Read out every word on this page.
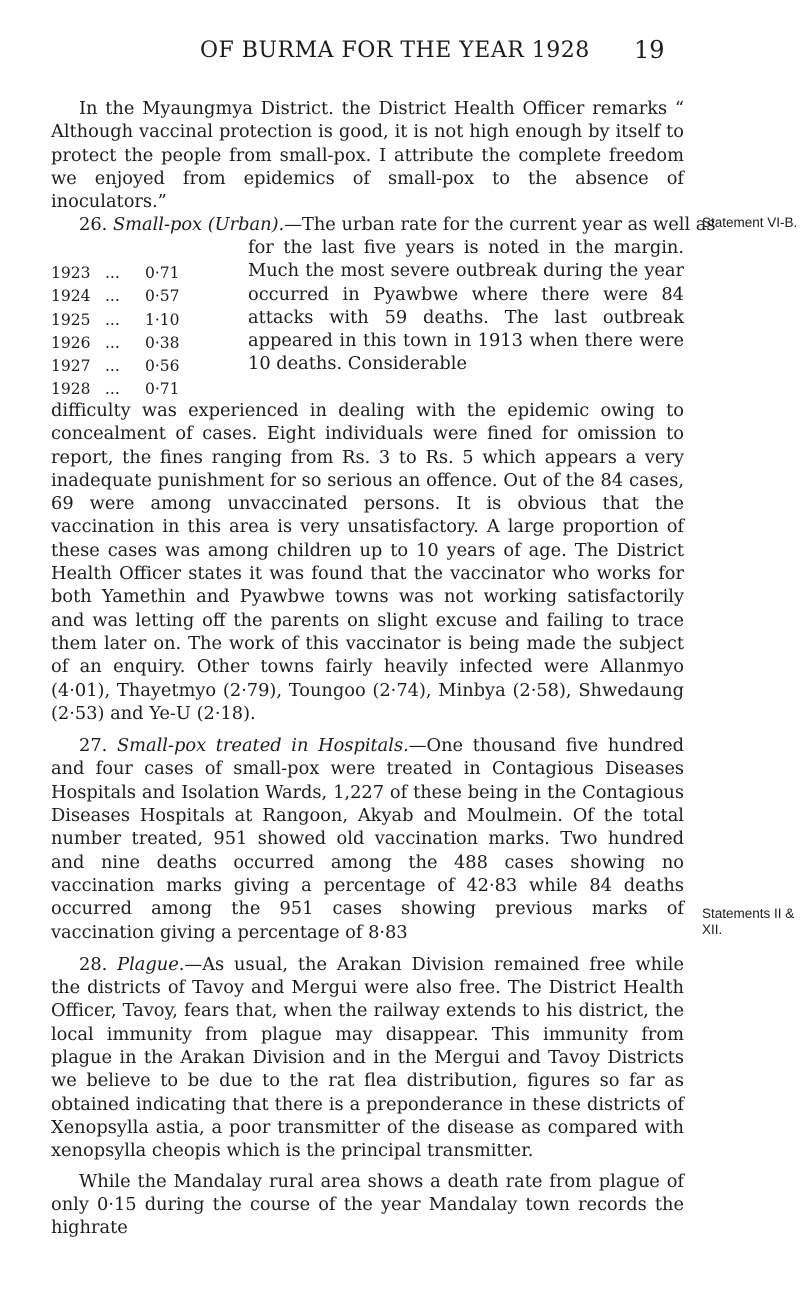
OF BURMA FOR THE YEAR 1928 19

In the Myaungmya District. the District Health Officer remarks “ Although vaccinal protection is good, it is not high enough by itself to protect the people from small-pox. I attribute the complete freedom we enjoyed from epidemics of small-pox to the absence of inoculators.”

26. Small-pox (Urban).—The urban rate for the current year as well as
1923 ... 0·71
1924 ... 0·57
1925 ... 1·10
1926 ... 0·38
1927 ... 0·56
1928 ... 0·71

for the last five years is noted in the margin. Much the most severe outbreak during the year occurred in Pyawbwe where there were 84 attacks with 59 deaths. The last outbreak appeared in this town in 1913 when there were 10 deaths. Considerable

difficulty was experienced in dealing with the epidemic owing to concealment of cases. Eight individuals were fined for omission to report, the fines ranging from Rs. 3 to Rs. 5 which appears a very inadequate punishment for so serious an offence. Out of the 84 cases, 69 were among unvaccinated persons. It is obvious that the vaccination in this area is very unsatisfactory. A large proportion of these cases was among children up to 10 years of age. The District Health Officer states it was found that the vaccinator who works for both Yamethin and Pyawbwe towns was not working satisfactorily and was letting off the parents on slight excuse and failing to trace them later on. The work of this vaccinator is being made the subject of an enquiry. Other towns fairly heavily infected were Allanmyo (4·01), Thayetmyo (2·79), Toungoo (2·74), Minbya (2·58), Shwedaung (2·53) and Ye-U (2·18).

27. Small-pox treated in Hospitals.—One thousand five hundred and four cases of small-pox were treated in Contagious Diseases Hospitals and Isolation Wards, 1,227 of these being in the Contagious Diseases Hospitals at Rangoon, Akyab and Moulmein. Of the total number treated, 951 showed old vaccination marks. Two hundred and nine deaths occurred among the 488 cases showing no vaccination marks giving a percentage of 42·83 while 84 deaths occurred among the 951 cases showing previous marks of vaccination giving a percentage of 8·83

28. Plague.—As usual, the Arakan Division remained free while the districts of Tavoy and Mergui were also free. The District Health Officer, Tavoy, fears that, when the railway extends to his district, the local immunity from plague may disappear. This immunity from plague in the Arakan Division and in the Mergui and Tavoy Districts we believe to be due to the rat flea distribution, figures so far as obtained indicating that there is a preponderance in these districts of Xenopsylla astia, a poor transmitter of the disease as compared with xenopsylla cheopis which is the principal transmitter.

While the Mandalay rural area shows a death rate from plague of only 0·15 during the course of the year Mandalay town records the highrate

Statement VI-B.
Statements II & XII.
